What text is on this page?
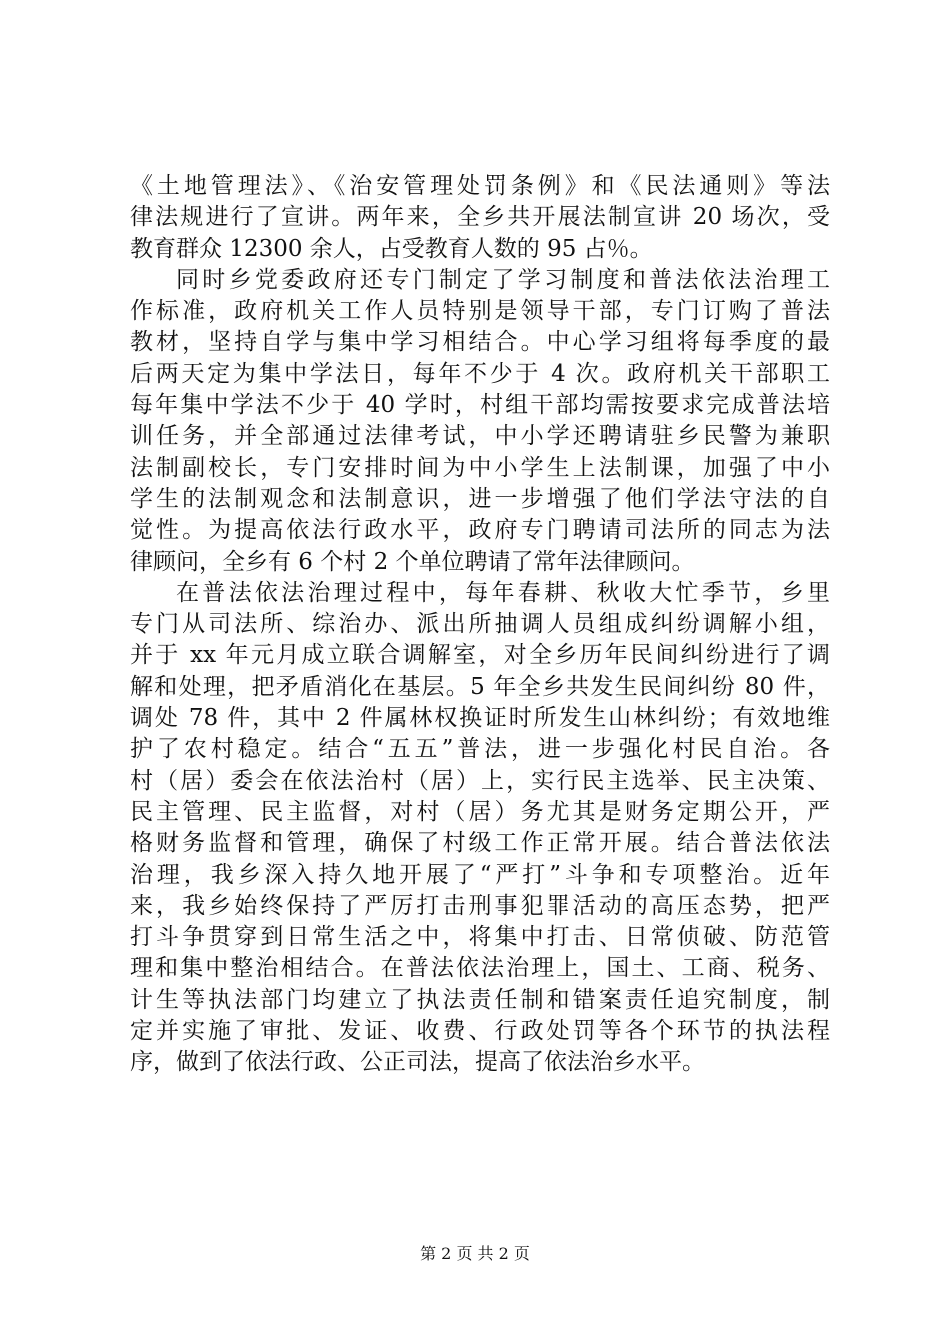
《土地管理法》、《治安管理处罚条例》和《民法通则》等法
律法规进行了宣讲。两年来，全乡共开展法制宣讲 20 场次，受
教育群众 12300 余人，占受教育人数的 95 占％。
同时乡党委政府还专门制定了学习制度和普法依法治理工
作标准，政府机关工作人员特别是领导干部，专门订购了普法
教材，坚持自学与集中学习相结合。中心学习组将每季度的最
后两天定为集中学法日，每年不少于 4 次。政府机关干部职工
每年集中学法不少于 40 学时，村组干部均需按要求完成普法培
训任务，并全部通过法律考试，中小学还聘请驻乡民警为兼职
法制副校长，专门安排时间为中小学生上法制课，加强了中小
学生的法制观念和法制意识，进一步增强了他们学法守法的自
觉性。为提高依法行政水平，政府专门聘请司法所的同志为法
律顾问，全乡有 6 个村 2 个单位聘请了常年法律顾问。
在普法依法治理过程中，每年春耕、秋收大忙季节，乡里
专门从司法所、综治办、派出所抽调人员组成纠纷调解小组，
并于 xx 年元月成立联合调解室，对全乡历年民间纠纷进行了调
解和处理，把矛盾消化在基层。5 年全乡共发生民间纠纷 80 件，
调处 78 件，其中 2 件属林权换证时所发生山林纠纷；有效地维
护了农村稳定。结合“五五”普法，进一步强化村民自治。各
村（居）委会在依法治村（居）上，实行民主选举、民主决策、
民主管理、民主监督，对村（居）务尤其是财务定期公开，严
格财务监督和管理，确保了村级工作正常开展。结合普法依法
治理，我乡深入持久地开展了“严打”斗争和专项整治。近年
来，我乡始终保持了严厉打击刑事犯罪活动的高压态势，把严
打斗争贯穿到日常生活之中，将集中打击、日常侦破、防范管
理和集中整治相结合。在普法依法治理上，国土、工商、税务、
计生等执法部门均建立了执法责任制和错案责任追究制度，制
定并实施了审批、发证、收费、行政处罚等各个环节的执法程
序，做到了依法行政、公正司法，提高了依法治乡水平。
第 2 页 共 2 页
